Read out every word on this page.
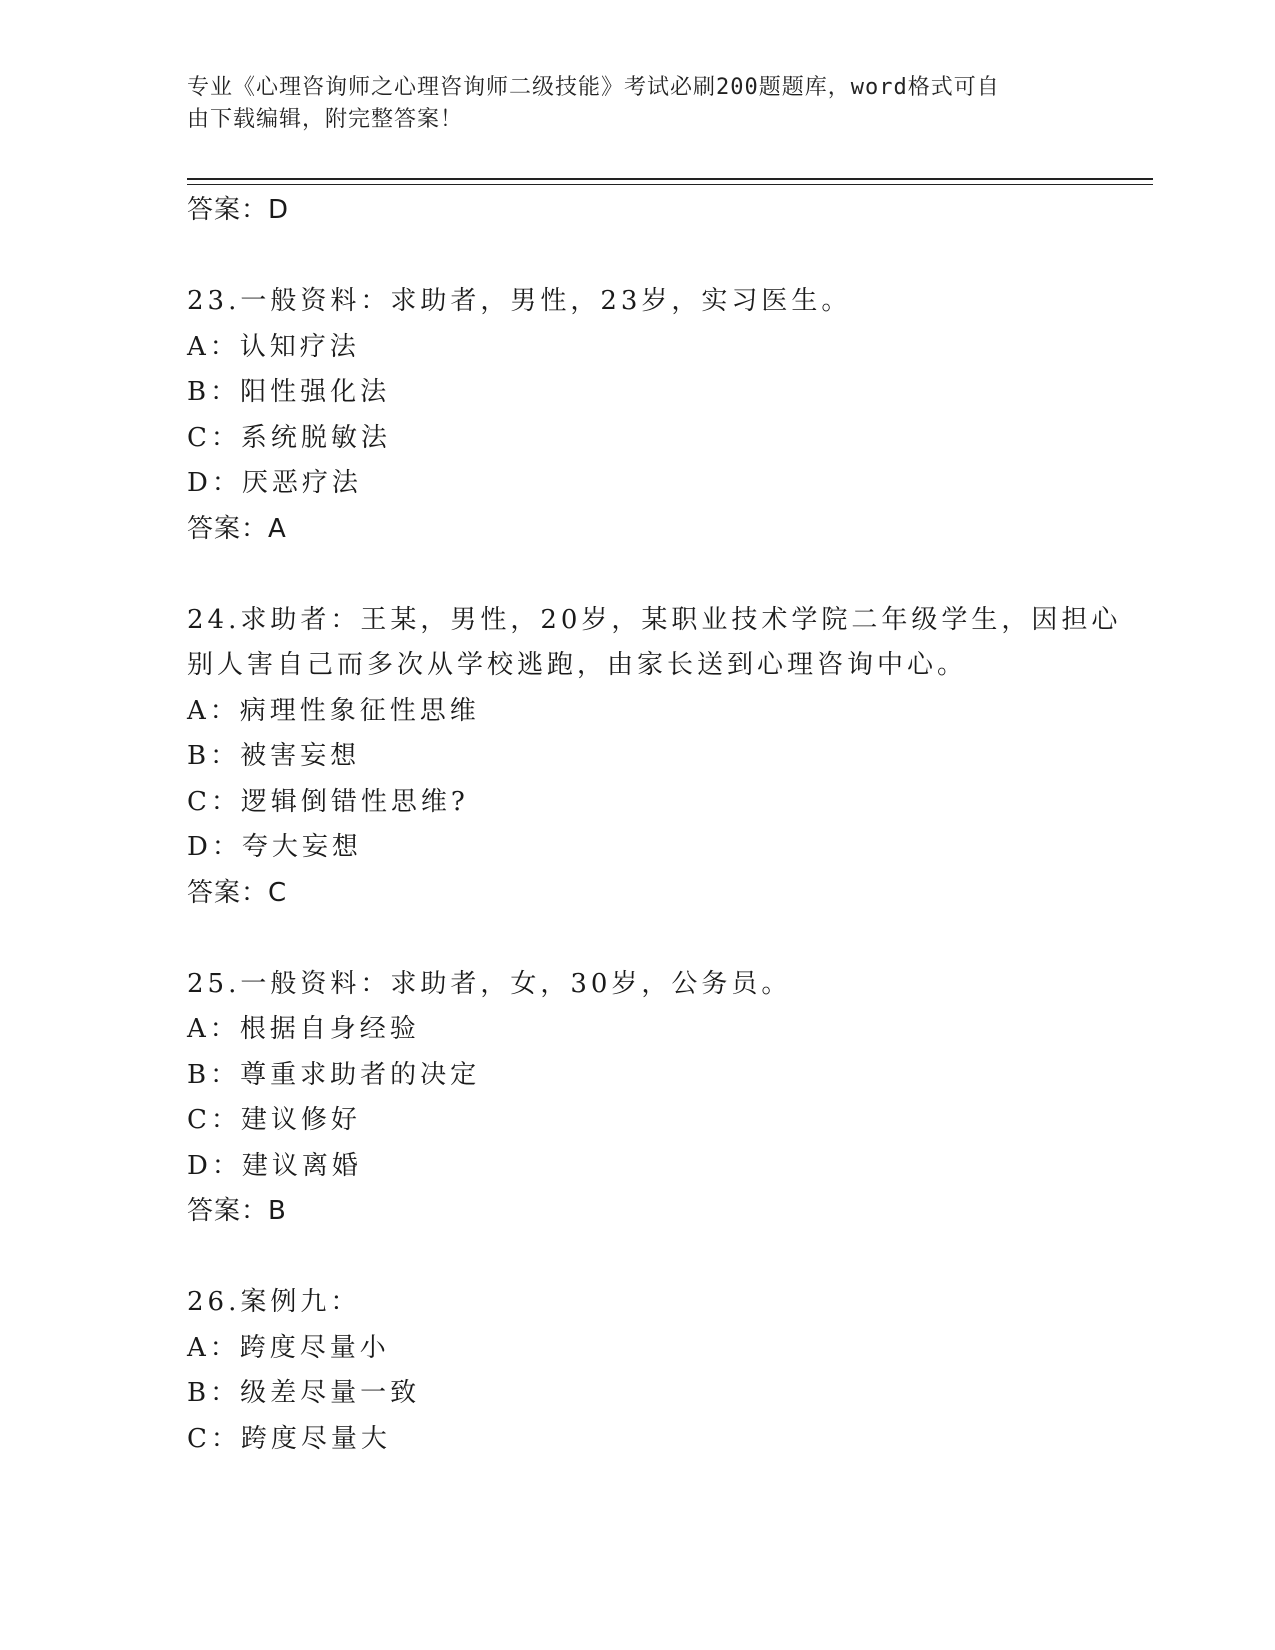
专业《心理咨询师之心理咨询师二级技能》考试必刷200题题库，word格式可自
由下载编辑，附完整答案！
答案：D
23.一般资料：求助者，男性，23岁，实习医生。
A：认知疗法
B：阳性强化法
C：系统脱敏法
D：厌恶疗法
答案：A
24.求助者：王某，男性，20岁，某职业技术学院二年级学生，因担心
别人害自己而多次从学校逃跑，由家长送到心理咨询中心。
A：病理性象征性思维
B：被害妄想
C：逻辑倒错性思维?
D：夸大妄想
答案：C
25.一般资料：求助者，女，30岁，公务员。
A：根据自身经验
B：尊重求助者的决定
C：建议修好
D：建议离婚
答案：B
26.案例九：
A：跨度尽量小
B：级差尽量一致
C：跨度尽量大
